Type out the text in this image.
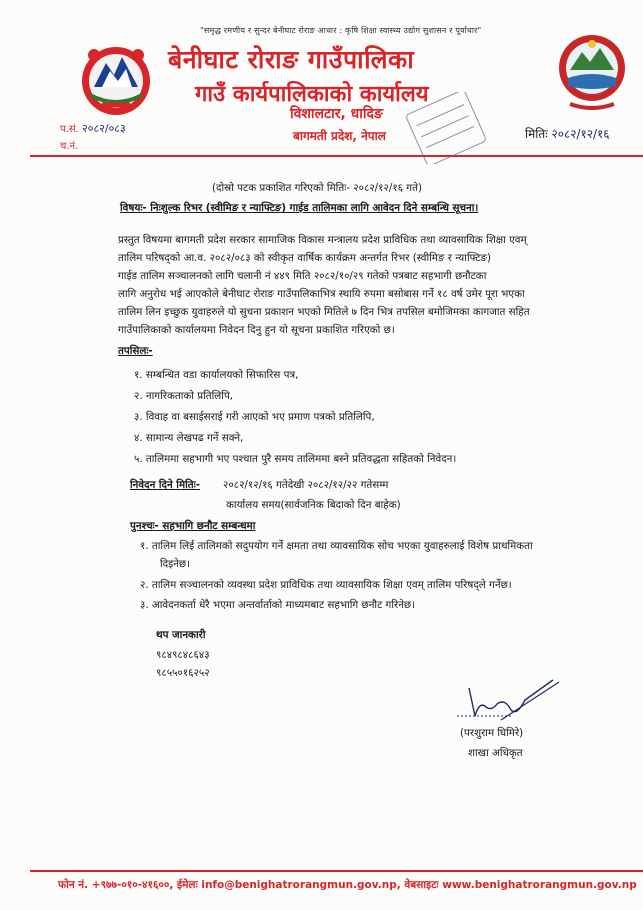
"समृद्ध रमणीय र सुन्दर बेनीघाट रोराङ आधार : कृषि शिक्षा स्वास्थ्य उद्योग सुशासन र पूर्वाधार"
बेनीघाट रोराङ गाउँपालिका
गाउँ कार्यपालिकाको कार्यालय
विशालटार, धादिङ
बागमती प्रदेश, नेपाल
प.सं. २०८२/०८३
च.नं.
मितिः २०८२/१२/१६
(दोस्रो पटक प्रकाशित गरिएको मितिः- २०८२/१२/१६ गते)
विषयः- निःशुल्क रिभर (स्वीमिङ र न्याफ्टिङ) गाईड तालिमका लागि आवेदन दिने सम्बन्धि सूचना।
प्रस्तुत विषयमा बागमती प्रदेश सरकार सामाजिक विकास मन्त्रालय प्रदेश प्राविधिक तथा व्यावसायिक शिक्षा एवम्
तालिम परिषद्को आ.व. २०८२/०८३ को स्वीकृत वार्षिक कार्यक्रम अन्तर्गत रिभर (स्वीमिङ र न्याफ्टिङ)
गाईड तालिम सञ्चालनको लागि चलानी नं ४४९ मिति २०८२/१०/२९ गतेको पत्रबाट सहभागी छनौटका
लागि अनुरोध भई आएकोले बेनीघाट रोराङ गाउँपालिकाभित्र स्थायि रुपमा बसोबास गर्ने १८ वर्ष उमेर पूरा भएका
तालिम लिन इच्छुक युवाहरुले यो सुचना प्रकाशन भएको मितिले ७ दिन भित्र तपसिल बमोजिमका कागजात सहित
गाउँपालिकाको कार्यालयमा निवेदन दिनु हुन यो सूचना प्रकाशित गरिएको छ।
तपसिलः-
१. सम्बन्धित वडा कार्यालयको सिफारिस पत्र,
२. नागरिकताको प्रतिलिपि,
३. विवाह वा बसाईसराई गरी आएको भए प्रमाण पत्रको प्रतिलिपि,
४. सामान्य लेखपढ गर्ने सक्ने,
५. तालिममा सहभागी भए पश्चात पुरै समय तालिममा बस्ने प्रतिवद्धता सहितको निवेदन।
निवेदन दिने मितिः- २०८२/१२/१६ गतेदेखी २०८२/१२/२२ गतेसम्म
कार्यालय समय(सार्वजनिक बिदाको दिन बाहेक)
पुनश्चः- सहभागि छनौट सम्बन्धमा
१. तालिम लिई तालिमको सदुपयोग गर्ने क्षमता तथा व्यावसायिक सोच भएका युवाहरुलाई विशेष प्राथमिकता
दिइनेछ।
२. तालिम सञ्चालनको व्यवस्था प्रदेश प्राविधिक तथा व्यावसायिक शिक्षा एवम् तालिम परिषद्ले गर्नेछ।
३. आवेदनकर्ता धेरै भएमा अन्तर्वार्ताको माध्यमबाट सहभागि छनौट गरिनेछ।
थप जानकारी
९८४९८४८६४३
९८५५०१६२५२
(परशुराम घिमिरे)
शाखा अधिकृत
फोन नं. +९७७-०१०-४१६००, ईमेलः info@benighatrorangmun.gov.np, वेबसाइटः www.benighatrorangmun.gov.np
